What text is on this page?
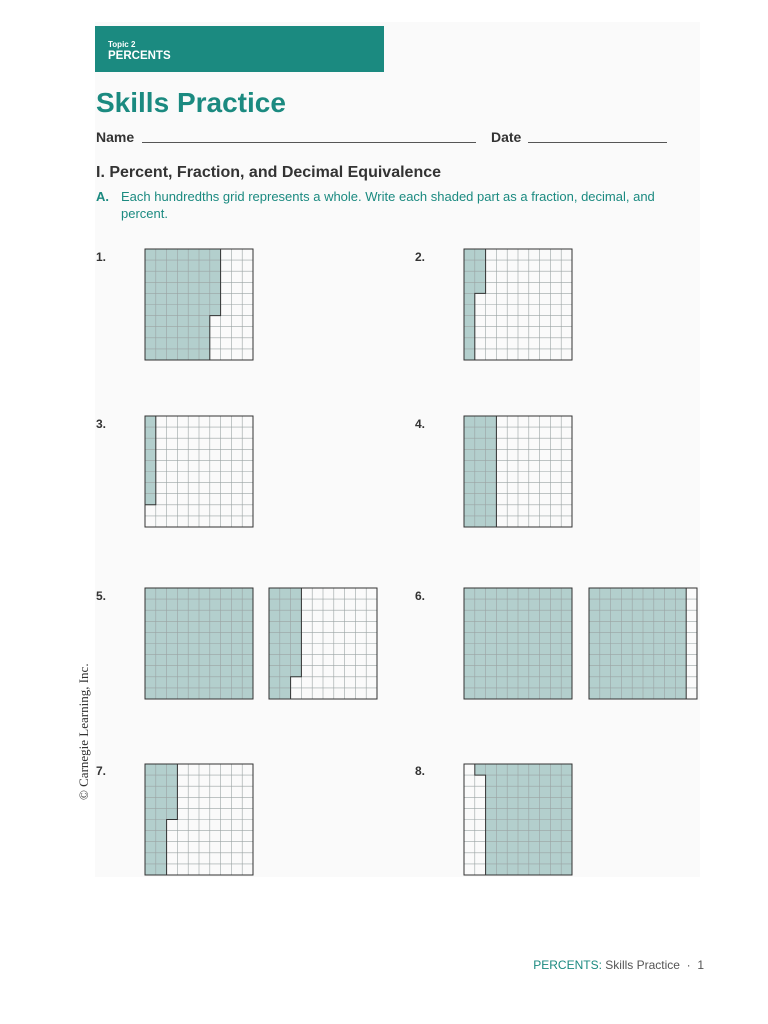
Topic 2
PERCENTS
Skills Practice
Name	Date
I. Percent, Fraction, and Decimal Equivalence
A. Each hundredths grid represents a whole. Write each shaded part as a fraction, decimal, and percent.
1.	2.
3.	4.
5.	6.
7.	8.
© Carnegie Learning, Inc.
PERCENTS: Skills Practice · 1
